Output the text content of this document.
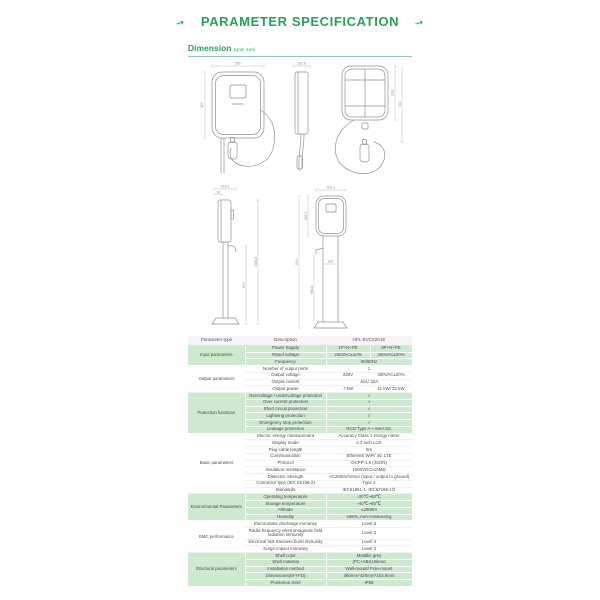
⇝ PARAMETER SPECIFICATION ⇝
Dimension (unit: mm)
360
420
153.8
233
350
216.9
60
600
1463.8
402.3
433.0
1500	180
788.8
Parameter type	Description	HFL-EVC2201E	
Input parameters	Power Supply	1P+N+PE	3P+N+PE
	Rated voltage	230VAC±10%	400VAC±20%
	Frequency	50/60Hz	
Output parameters	Number of output ports	1	
	Output voltage	230V	400VAC±20%
	Output current	16A/ 32A	
	Output power	7 kW	11 kW/ 22 kW
Protection functions	Overvoltage / undervoltage protection	√	
	Over current protection	√	
	Short circuit protection	√	
	Lightning protection	√	
	Emergency stop protection	√	
	Leakage protection	RCD Type A + 6mA DC	
Basic parameters	Electric energy measurement	Accuracy Class 1 energy meter	
	Display mode	4.3 inch LCD	
	Plug cable length	5m	
	Communication	Ethernet/ WiFi/ 4G LTE	
	Protocol	OCPP-1.6 (JSON)	
	Insulation resistance	1000VDC≥10MΩ	
	Dielectric Strength	AC2500V/10mA (input / output to ground)	
	Connector type (IEC 62196-2)	Type 2	
	Standards	IEC61851-1, IEC62196-1/2	
Environmental Parameters	Operating temperature	-30℃~60℃	
	Storage temperature	-40℃~80℃	
	Altitude	≤2000m	
	Humidity	≤95%, non-condensing	
EMC performance	Electrostatic discharge immunity	Level 3	
	Radio-frequency electromagnetic field radiation immunity	Level 3	
	Electrical fast transient burst immunity	Level 4	
	Surge impact immunity	Level 3	
Structural parameters	Shell color	Metallic grey	
	Shell material	(PC+ABS)-Blend	
	Installation method	Wall-mount/ Pole-mount	
	Dimensions(W*H*D)	360mm*420mm*153.8mm	
	Protection level	IP55	
